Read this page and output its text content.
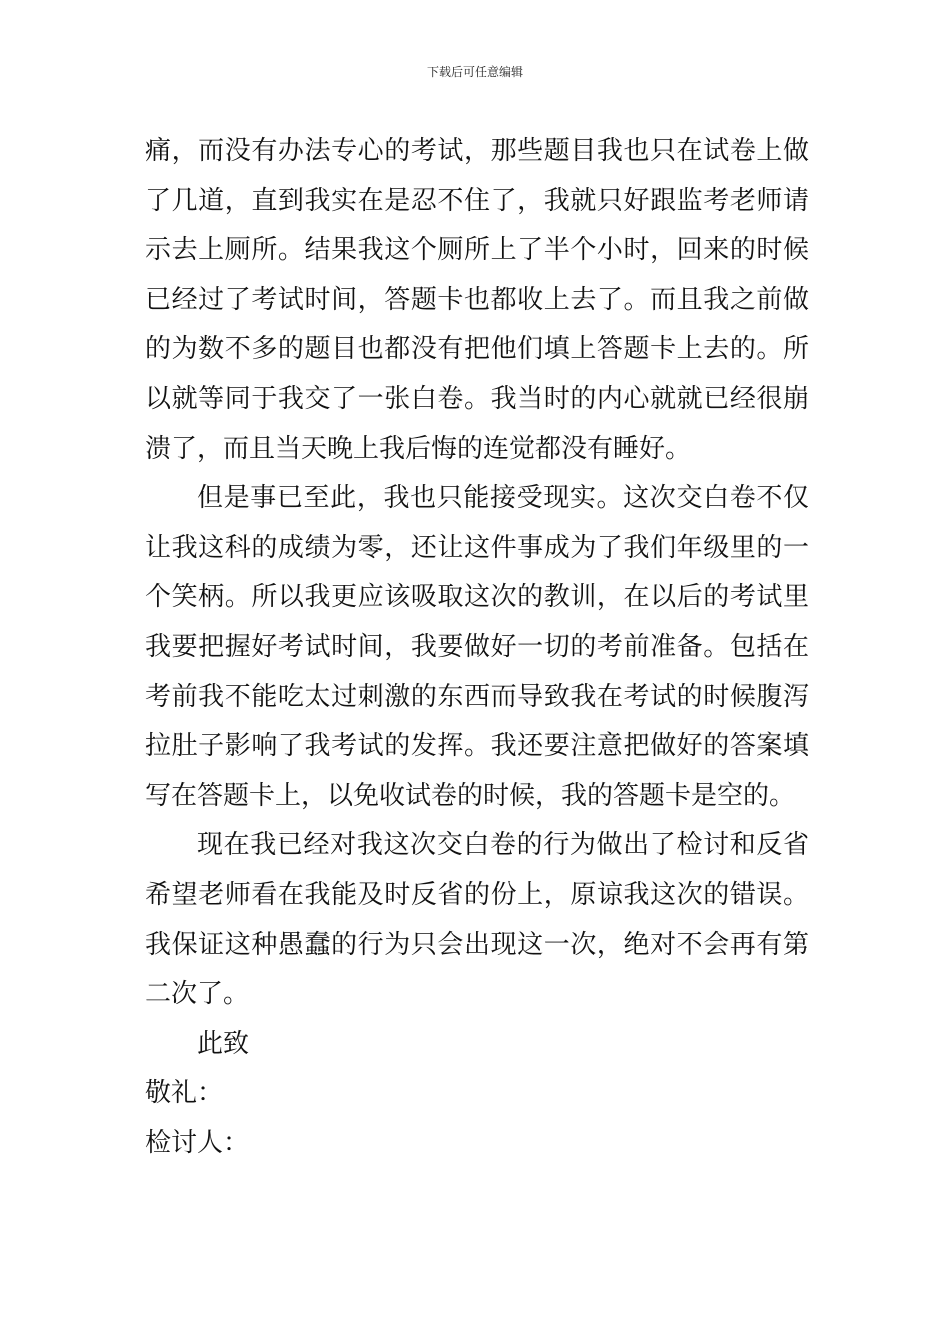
下载后可任意编辑

痛，而没有办法专心的考试，那些题目我也只在试卷上做了几道，直到我实在是忍不住了，我就只好跟监考老师请示去上厕所。结果我这个厕所上了半个小时，回来的时候已经过了考试时间，答题卡也都收上去了。而且我之前做的为数不多的题目也都没有把他们填上答题卡上去的。所以就等同于我交了一张白卷。我当时的内心就就已经很崩溃了，而且当天晚上我后悔的连觉都没有睡好。

但是事已至此，我也只能接受现实。这次交白卷不仅让我这科的成绩为零，还让这件事成为了我们年级里的一个笑柄。所以我更应该吸取这次的教训，在以后的考试里我要把握好考试时间，我要做好一切的考前准备。包括在考前我不能吃太过刺激的东西而导致我在考试的时候腹泻拉肚子影响了我考试的发挥。我还要注意把做好的答案填写在答题卡上，以免收试卷的时候，我的答题卡是空的。

现在我已经对我这次交白卷的行为做出了检讨和反省希望老师看在我能及时反省的份上，原谅我这次的错误。我保证这种愚蠢的行为只会出现这一次，绝对不会再有第二次了。

此致

敬礼：

检讨人：
